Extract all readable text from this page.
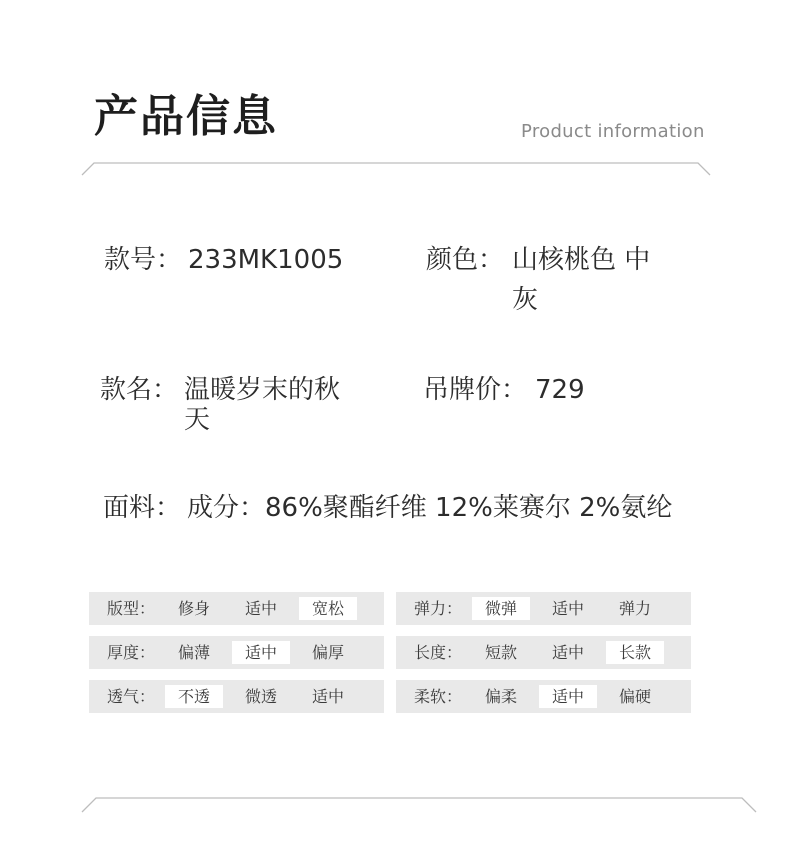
产品信息	Product information
款号： 233MK1005	颜色： 山核桃色 中
灰
款名： 温暖岁末的秋
天
吊牌价： 729
面料： 成分：86%聚酯纤维 12%莱赛尔 2%氨纶
版型：	修身	适中	宽松	弹力：	微弹	适中	弹力
厚度：	偏薄	适中	偏厚	长度：	短款	适中	长款
透气：	不透	微透	适中	柔软：	偏柔	适中	偏硬
